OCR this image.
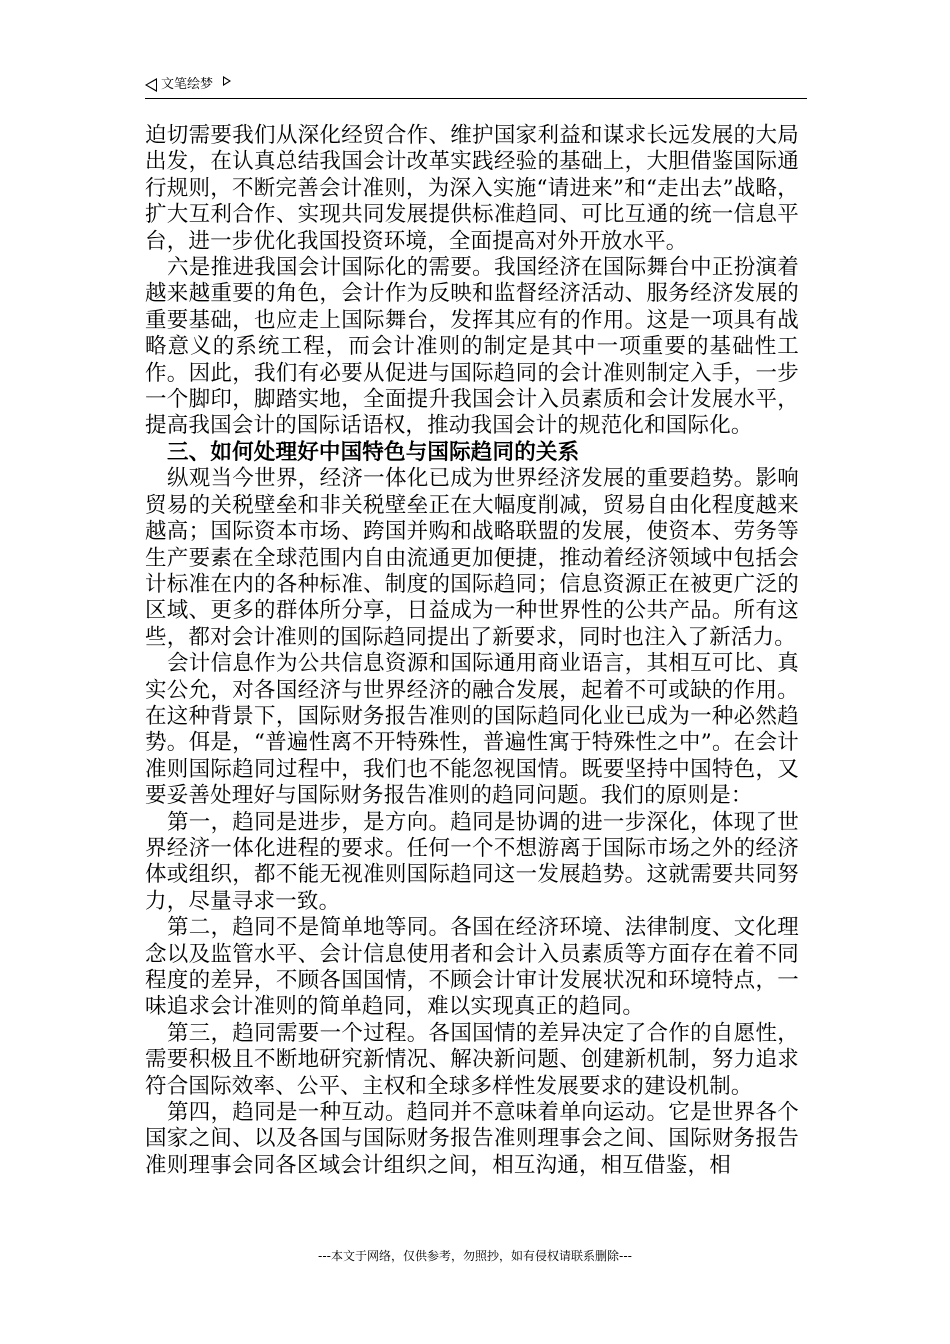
文笔绘梦

迫切需要我们从深化经贸合作、维护国家利益和谋求长远发展的大局出发，在认真总结我国会计改革实践经验的基础上，大胆借鉴国际通行规则，不断完善会计准则，为深入实施“请进来”和“走出去”战略，扩大互利合作、实现共同发展提供标准趋同、可比互通的统一信息平台，进一步优化我国投资环境，全面提高对外开放水平。

六是推进我国会计国际化的需要。我国经济在国际舞台中正扮演着越来越重要的角色，会计作为反映和监督经济活动、服务经济发展的重要基础，也应走上国际舞台，发挥其应有的作用。这是一项具有战略意义的系统工程，而会计准则的制定是其中一项重要的基础性工作。因此，我们有必要从促进与国际趋同的会计准则制定入手，一步一个脚印，脚踏实地，全面提升我国会计入员素质和会计发展水平，提高我国会计的国际话语权，推动我国会计的规范化和国际化。

三、如何处理好中国特色与国际趋同的关系

纵观当今世界，经济一体化已成为世界经济发展的重要趋势。影响贸易的关税壁垒和非关税壁垒正在大幅度削减，贸易自由化程度越来越高；国际资本市场、跨国并购和战略联盟的发展，使资本、劳务等生产要素在全球范围内自由流通更加便捷，推动着经济领域中包括会计标准在内的各种标准、制度的国际趋同；信息资源正在被更广泛的区域、更多的群体所分享，日益成为一种世界性的公共产品。所有这些，都对会计准则的国际趋同提出了新要求，同时也注入了新活力。

会计信息作为公共信息资源和国际通用商业语言，其相互可比、真实公允，对各国经济与世界经济的融合发展，起着不可或缺的作用。在这种背景下，国际财务报告准则的国际趋同化业已成为一种必然趋势。佴是，“普遍性离不开特殊性，普遍性寓于特殊性之中”。在会计准则国际趋同过程中，我们也不能忽视国情。既要坚持中国特色，又要妥善处理好与国际财务报告准则的趋同问题。我们的原则是：

第一，趋同是进步，是方向。趋同是协调的进一步深化，体现了世界经济一体化进程的要求。任何一个不想游离于国际市场之外的经济体或组织，都不能无视准则国际趋同这一发展趋势。这就需要共同努力，尽量寻求一致。

第二，趋同不是简单地等同。各国在经济环境、法律制度、文化理念以及监管水平、会计信息使用者和会计入员素质等方面存在着不同程度的差异，不顾各国国情，不顾会计审计发展状况和环境特点，一味追求会计准则的简单趋同，难以实现真正的趋同。

第三，趋同需要一个过程。各国国情的差异决定了合作的自愿性，需要积极且不断地研究新情况、解决新问题、创建新机制，努力追求符合国际效率、公平、主权和全球多样性发展要求的建设机制。

第四，趋同是一种互动。趋同并不意味着单向运动。它是世界各个国家之间、以及各国与国际财务报告准则理事会之间、国际财务报告准则理事会同各区域会计组织之间，相互沟通，相互借鉴，相

---本文于网络，仅供参考，勿照抄，如有侵权请联系删除---
